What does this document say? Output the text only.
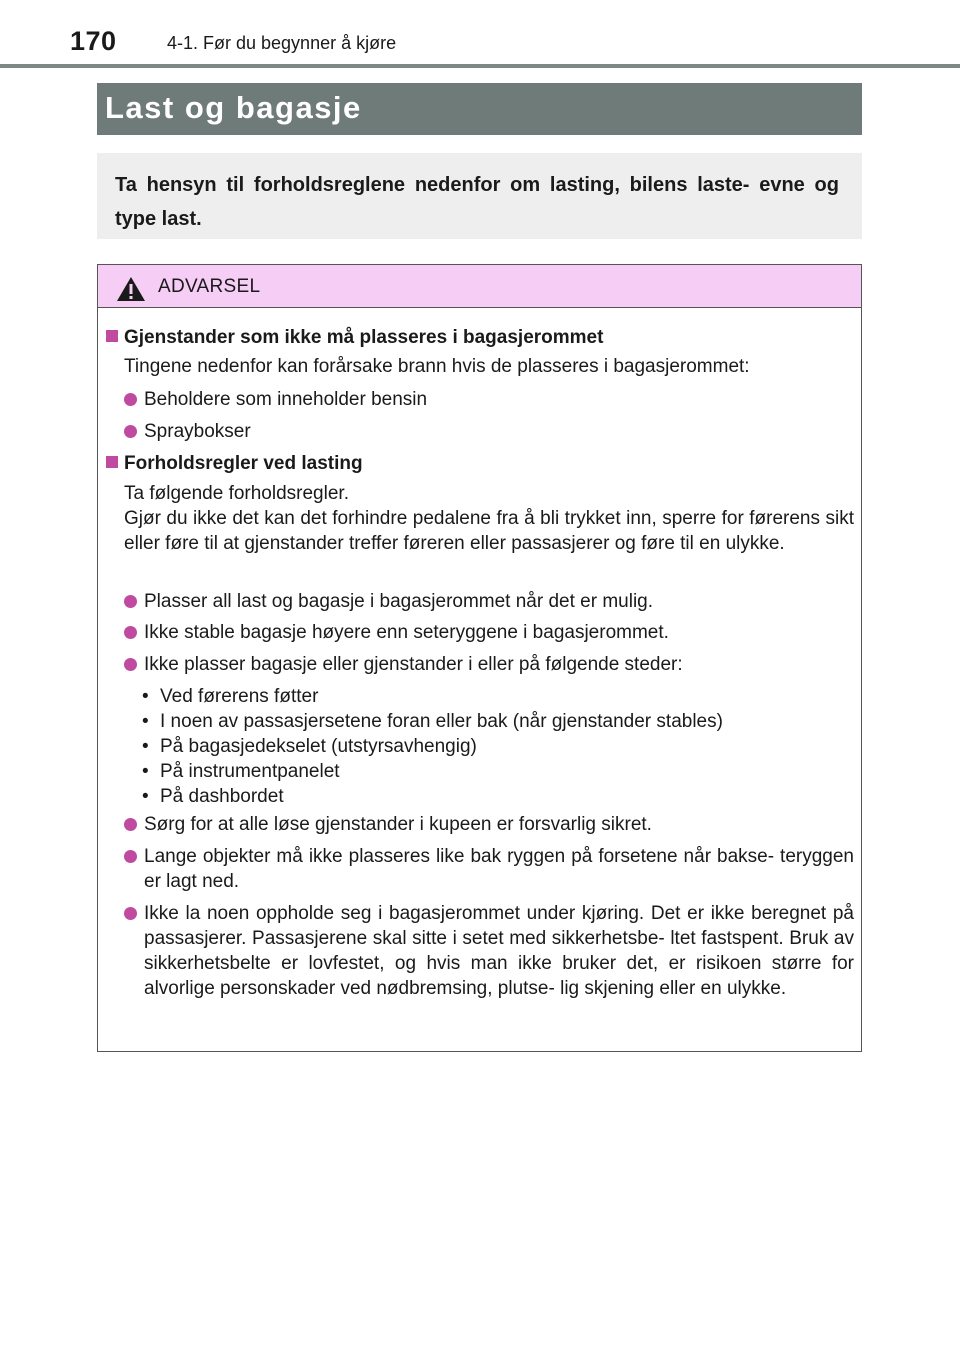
170	4-1. Før du begynner å kjøre
Last og bagasje
Ta hensyn til forholdsreglene nedenfor om lasting, bilens laste- evne og type last.
ADVARSEL
Gjenstander som ikke må plasseres i bagasjerommet
Tingene nedenfor kan forårsake brann hvis de plasseres i bagasjerommet:
Beholdere som inneholder bensin
Spraybokser
Forholdsregler ved lasting
Ta følgende forholdsregler.
Gjør du ikke det kan det forhindre pedalene fra å bli trykket inn, sperre for førerens sikt eller føre til at gjenstander treffer føreren eller passasjerer og føre til en ulykke.
Plasser all last og bagasje i bagasjerommet når det er mulig.
Ikke stable bagasje høyere enn seteryggene i bagasjerommet.
Ikke plasser bagasje eller gjenstander i eller på følgende steder:
• Ved førerens føtter
• I noen av passasjersetene foran eller bak (når gjenstander stables)
• På bagasjedekselet (utstyrsavhengig)
• På instrumentpanelet
• På dashbordet
Sørg for at alle løse gjenstander i kupeen er forsvarlig sikret.
Lange objekter må ikke plasseres like bak ryggen på forsetene når bakse- teryggen er lagt ned.
Ikke la noen oppholde seg i bagasjerommet under kjøring. Det er ikke beregnet på passasjerer. Passasjerene skal sitte i setet med sikkerhetsbe- ltet fastspent. Bruk av sikkerhetsbelte er lovfestet, og hvis man ikke bruker det, er risikoen større for alvorlige personskader ved nødbremsing, plutse- lig skjening eller en ulykke.
